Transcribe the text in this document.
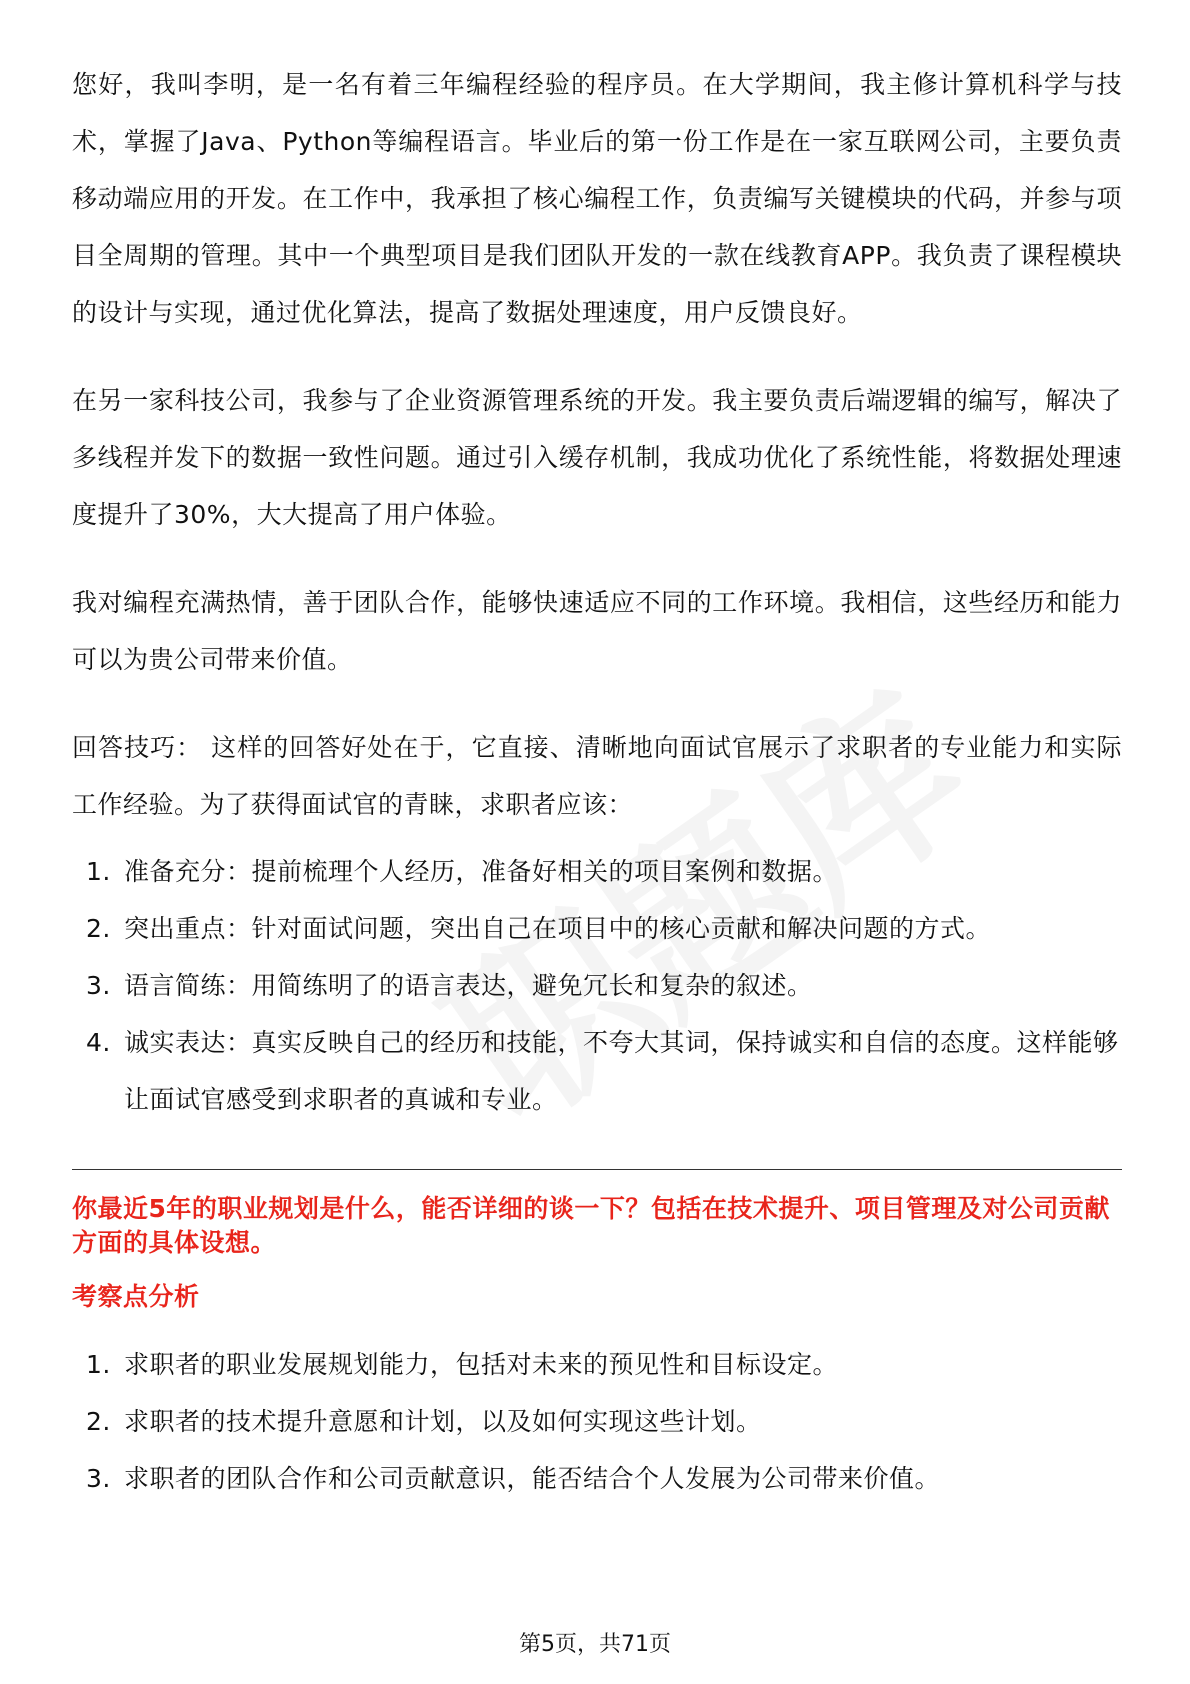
您好，我叫李明，是一名有着三年编程经验的程序员。在大学期间，我主修计算机科学与技术，掌握了Java、Python等编程语言。毕业后的第一份工作是在一家互联网公司，主要负责移动端应用的开发。在工作中，我承担了核心编程工作，负责编写关键模块的代码，并参与项目全周期的管理。其中一个典型项目是我们团队开发的一款在线教育APP。我负责了课程模块的设计与实现，通过优化算法，提高了数据处理速度，用户反馈良好。

在另一家科技公司，我参与了企业资源管理系统的开发。我主要负责后端逻辑的编写，解决了多线程并发下的数据一致性问题。通过引入缓存机制，我成功优化了系统性能，将数据处理速度提升了30%，大大提高了用户体验。

我对编程充满热情，善于团队合作，能够快速适应不同的工作环境。我相信，这些经历和能力可以为贵公司带来价值。

回答技巧： 这样的回答好处在于，它直接、清晰地向面试官展示了求职者的专业能力和实际工作经验。为了获得面试官的青睐，求职者应该：

1. 准备充分：提前梳理个人经历，准备好相关的项目案例和数据。
2. 突出重点：针对面试问题，突出自己在项目中的核心贡献和解决问题的方式。
3. 语言简练：用简练明了的语言表达，避免冗长和复杂的叙述。
4. 诚实表达：真实反映自己的经历和技能，不夸大其词，保持诚实和自信的态度。这样能够让面试官感受到求职者的真诚和专业。
你最近5年的职业规划是什么，能否详细的谈一下？包括在技术提升、项目管理及对公司贡献方面的具体设想。
考察点分析
1. 求职者的职业发展规划能力，包括对未来的预见性和目标设定。
2. 求职者的技术提升意愿和计划，以及如何实现这些计划。
3. 求职者的团队合作和公司贡献意识，能否结合个人发展为公司带来价值。
第5页，共71页
